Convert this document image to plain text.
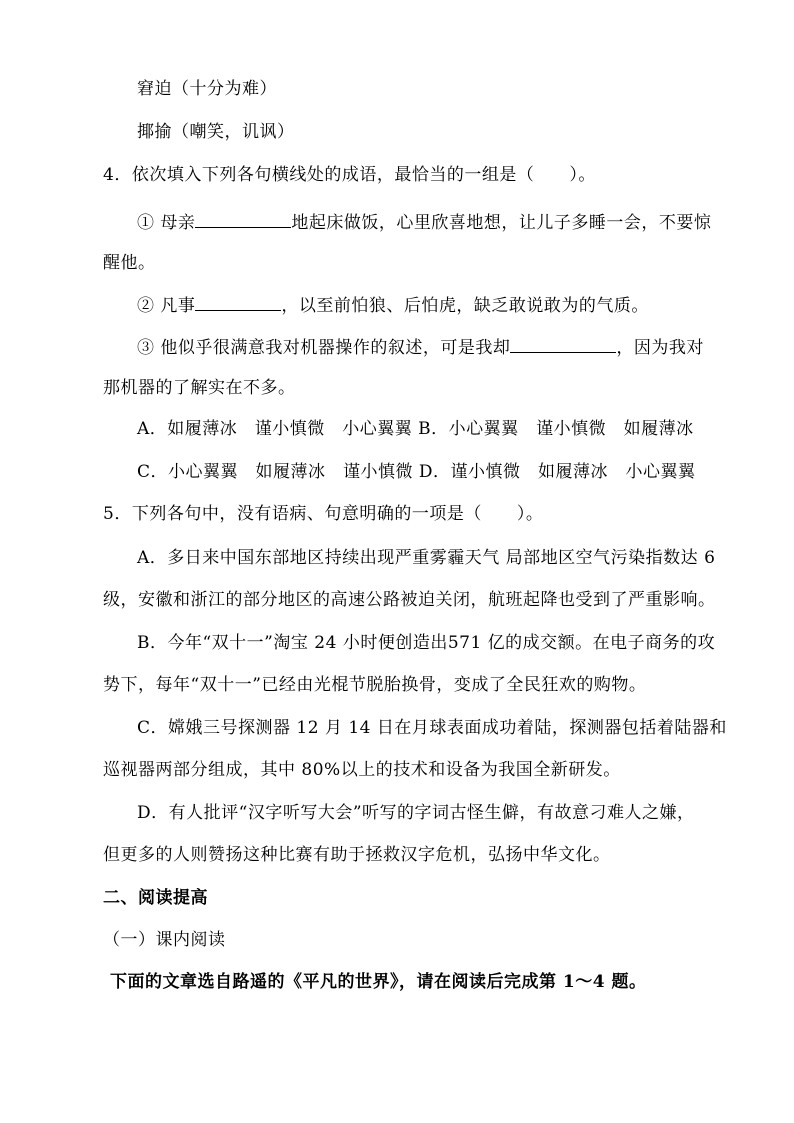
窘迫（十分为难）
揶揄（嘲笑，讥讽）
4．依次填入下列各句横线处的成语，最恰当的一组是（　　）。
① 母亲	地起床做饭，心里欣喜地想，让儿子多睡一会，不要惊
醒他。
② 凡事	，以至前怕狼、后怕虎，缺乏敢说敢为的气质。
③ 他似乎很满意我对机器操作的叙述，可是我却	，因为我对
那机器的了解实在不多。
A．如履薄冰　谨小慎微　小心翼翼 B．小心翼翼　谨小慎微　如履薄冰
C．小心翼翼　如履薄冰　谨小慎微 D．谨小慎微　如履薄冰　小心翼翼
5．下列各句中，没有语病、句意明确的一项是（　　）。
A．多日来中国东部地区持续出现严重雾霾天气 局部地区空气污染指数达 6
级，安徽和浙江的部分地区的高速公路被迫关闭，航班起降也受到了严重影响。
B．今年“双十一”淘宝 24 小时便创造出571 亿的成交额。在电子商务的攻
势下，每年“双十一”已经由光棍节脱胎换骨，变成了全民狂欢的购物。
C．嫦娥三号探测器 12 月 14 日在月球表面成功着陆，探测器包括着陆器和
巡视器两部分组成，其中 80%以上的技术和设备为我国全新研发。
D．有人批评“汉字听写大会”听写的字词古怪生僻，有故意刁难人之嫌，
但更多的人则赞扬这种比赛有助于拯救汉字危机，弘扬中华文化。
二、阅读提高
（一）课内阅读
下面的文章选自路遥的《平凡的世界》，请在阅读后完成第 1～4 题。
